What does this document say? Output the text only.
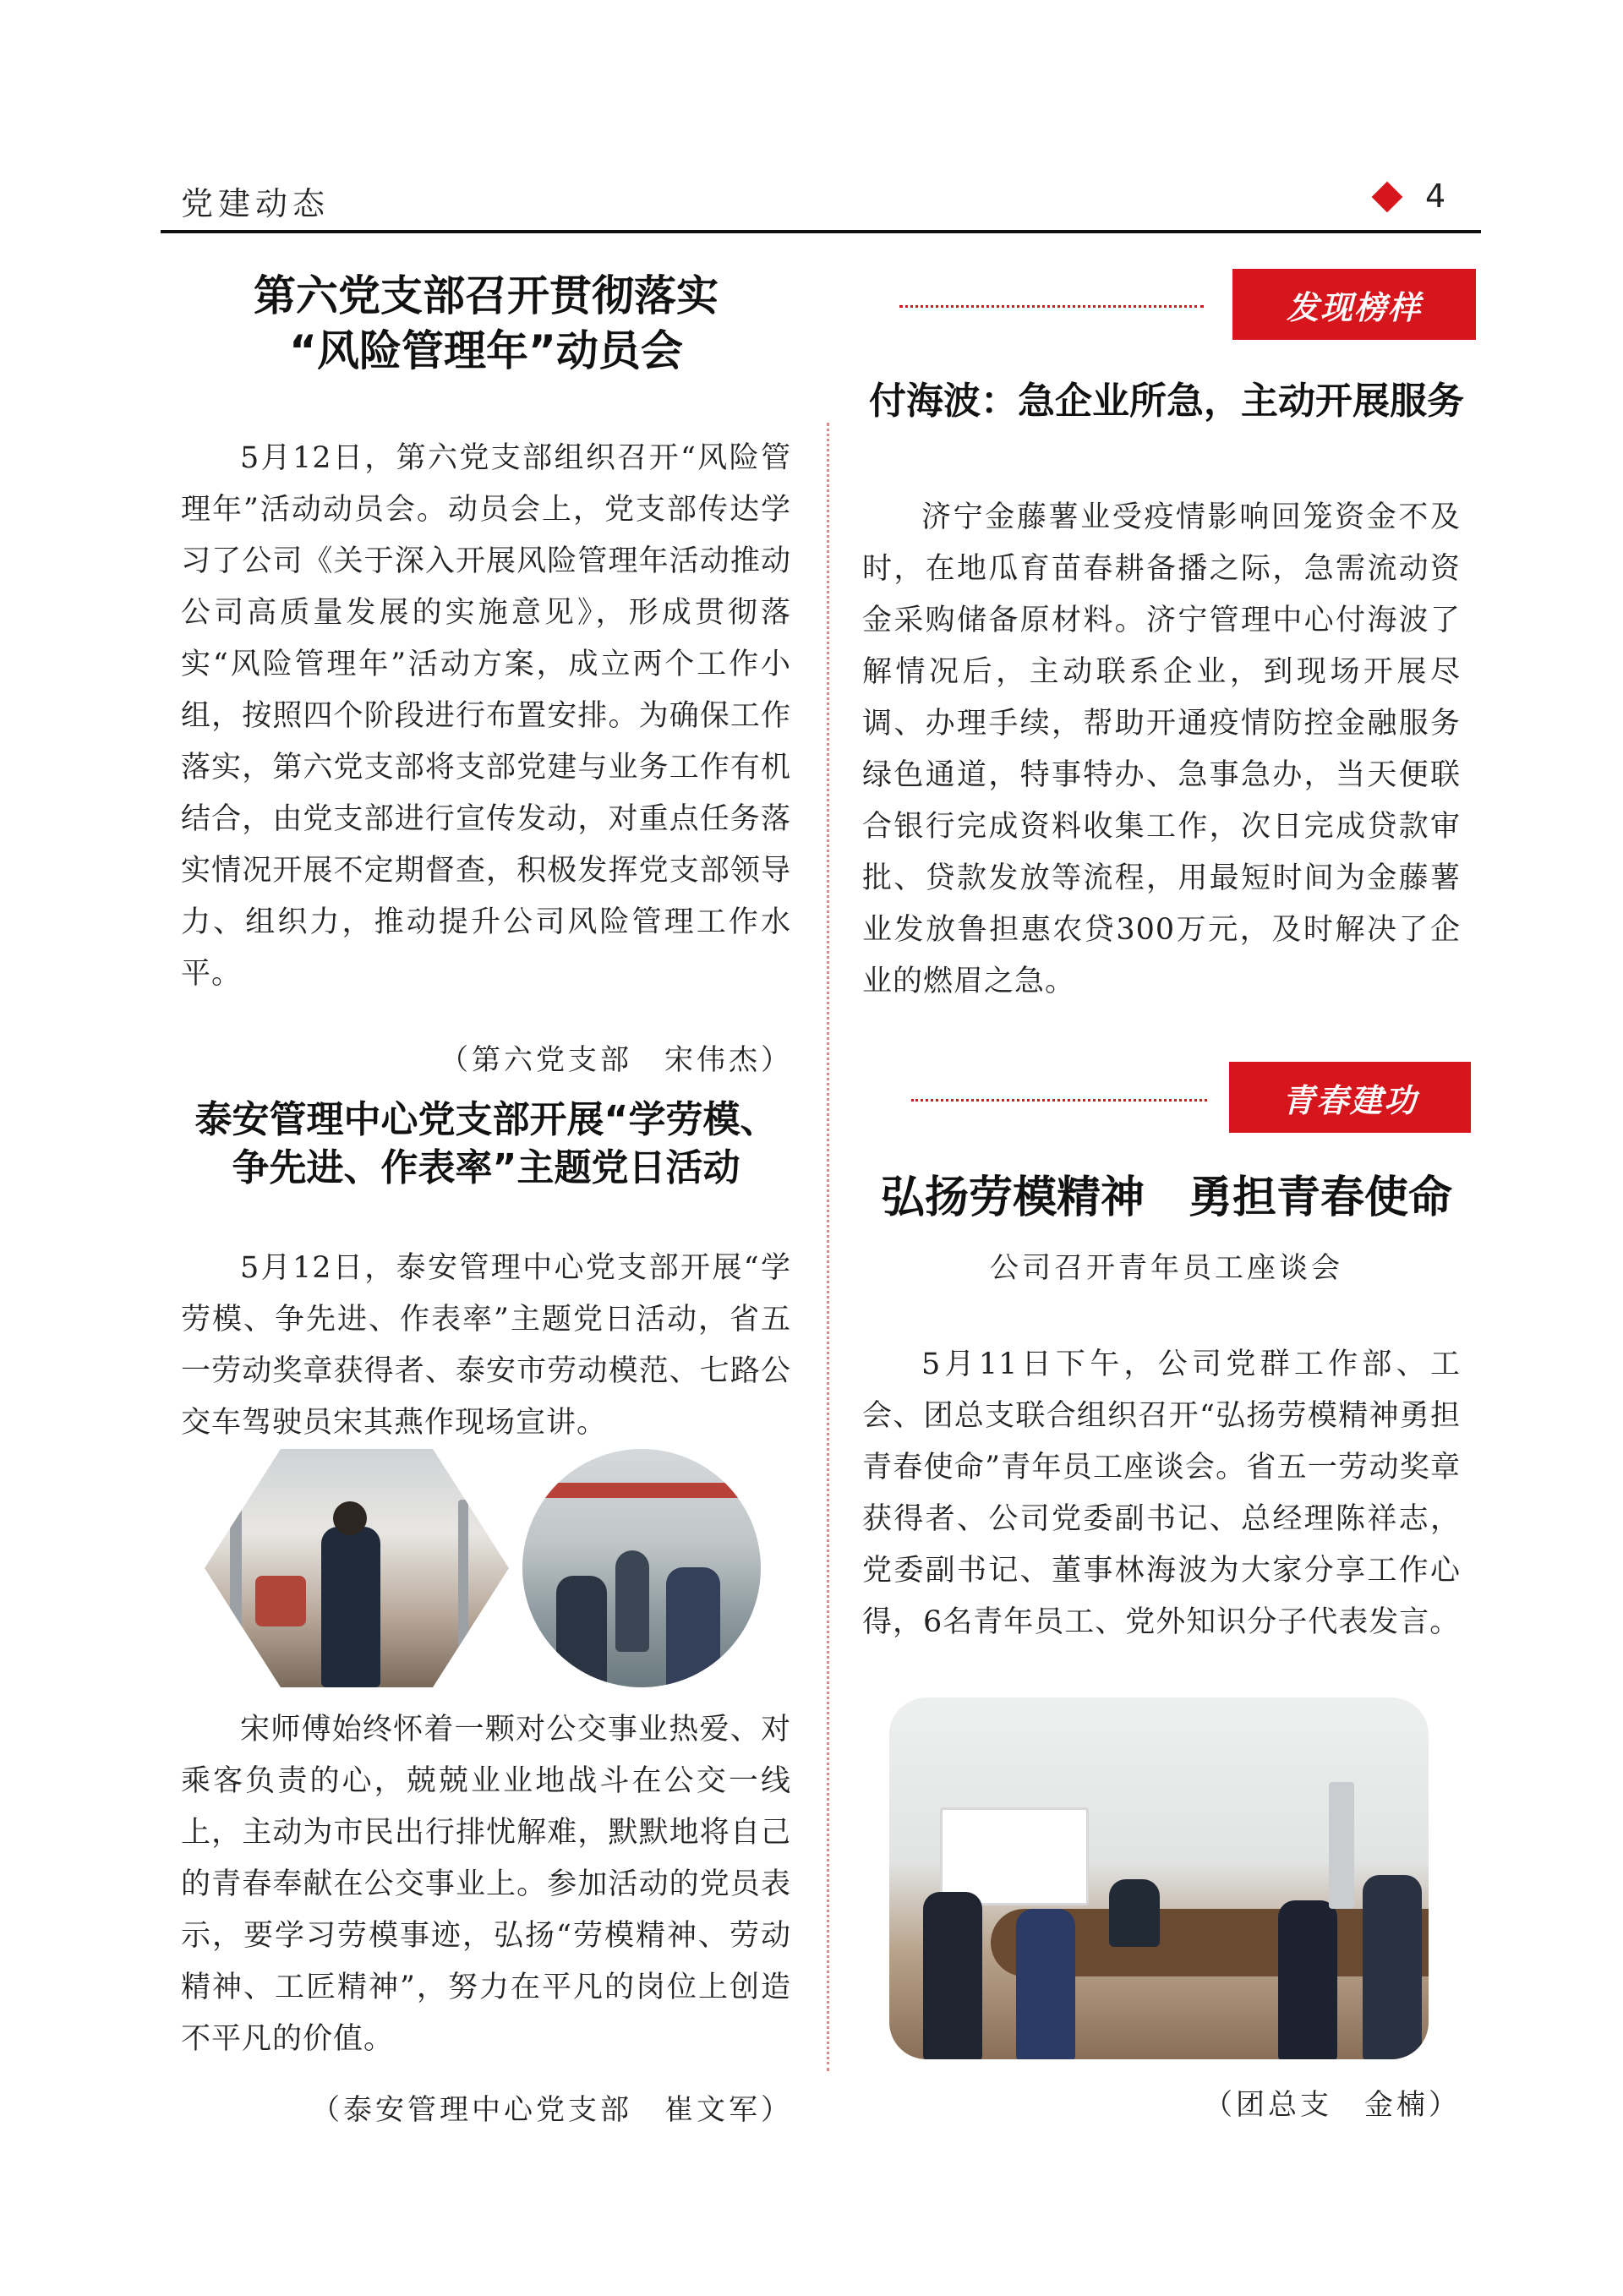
党建动态	4
第六党支部召开贯彻落实
“风险管理年”动员会
5月12日，第六党支部组织召开“风险管理年”活动动员会。动员会上，党支部传达学习了公司《关于深入开展风险管理年活动推动公司高质量发展的实施意见》，形成贯彻落实“风险管理年”活动方案，成立两个工作小组，按照四个阶段进行布置安排。为确保工作落实，第六党支部将支部党建与业务工作有机结合，由党支部进行宣传发动，对重点任务落实情况开展不定期督查，积极发挥党支部领导力、组织力，推动提升公司风险管理工作水平。
（第六党支部　宋伟杰）
泰安管理中心党支部开展“学劳模、
争先进、作表率”主题党日活动
5月12日，泰安管理中心党支部开展“学劳模、争先进、作表率”主题党日活动，省五一劳动奖章获得者、泰安市劳动模范、七路公交车驾驶员宋其燕作现场宣讲。
宋师傅始终怀着一颗对公交事业热爱、对乘客负责的心，兢兢业业地战斗在公交一线上，主动为市民出行排忧解难，默默地将自己的青春奉献在公交事业上。参加活动的党员表示，要学习劳模事迹，弘扬“劳模精神、劳动精神、工匠精神”，努力在平凡的岗位上创造不平凡的价值。
（泰安管理中心党支部　崔文军）
发现榜样
付海波：急企业所急，主动开展服务
济宁金藤薯业受疫情影响回笼资金不及时，在地瓜育苗春耕备播之际，急需流动资金采购储备原材料。济宁管理中心付海波了解情况后，主动联系企业，到现场开展尽调、办理手续，帮助开通疫情防控金融服务绿色通道，特事特办、急事急办，当天便联合银行完成资料收集工作，次日完成贷款审批、贷款发放等流程，用最短时间为金藤薯业发放鲁担惠农贷300万元，及时解决了企业的燃眉之急。
青春建功
弘扬劳模精神　勇担青春使命
公司召开青年员工座谈会
5月11日下午，公司党群工作部、工会、团总支联合组织召开“弘扬劳模精神勇担青春使命”青年员工座谈会。省五一劳动奖章获得者、公司党委副书记、总经理陈祥志，党委副书记、董事林海波为大家分享工作心得，6名青年员工、党外知识分子代表发言。
（团总支　金楠）
